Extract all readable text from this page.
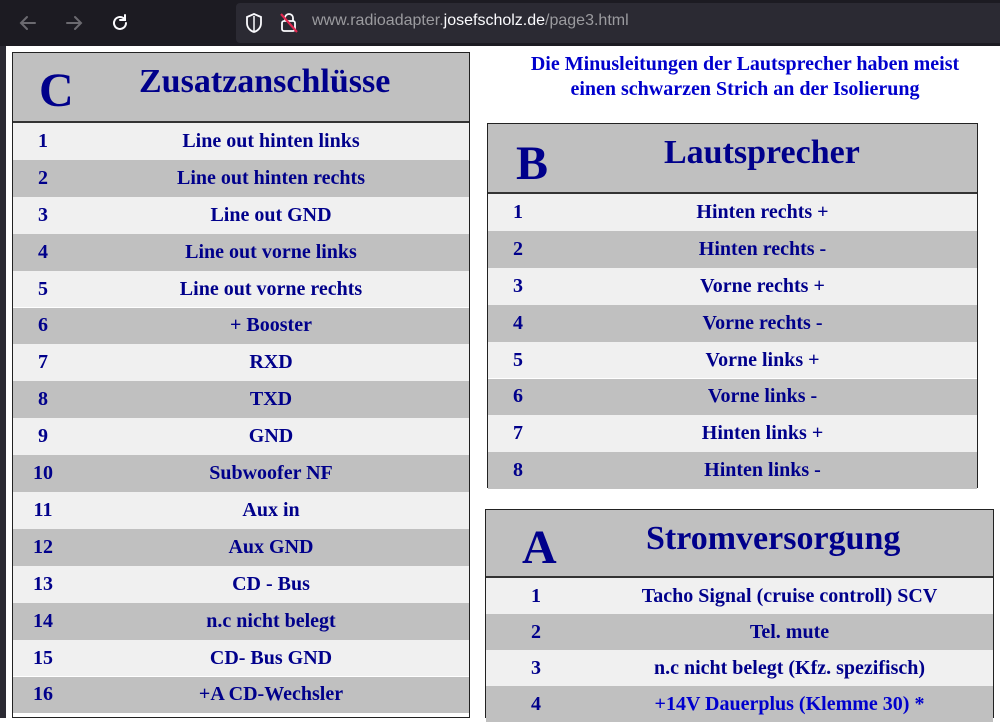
www.radioadapter.josefscholz.de/page3.html
Die Minusleitungen der Lautsprecher haben meist
einen schwarzen Strich an der Isolierung
C Zusatzanschlüsse
1	Line out hinten links
2	Line out hinten rechts
3	Line out GND
4	Line out vorne links
5	Line out vorne rechts
6	+ Booster
7	RXD
8	TXD
9	GND
10	Subwoofer NF
11	Aux in
12	Aux GND
13	CD - Bus
14	n.c nicht belegt
15	CD- Bus GND
16	+A CD-Wechsler
B	Lautsprecher
1	Hinten rechts +
2	Hinten rechts -
3	Vorne rechts +
4	Vorne rechts -
5	Vorne links +
6	Vorne links -
7	Hinten links +
8	Hinten links -
A	Stromversorgung
1	Tacho Signal (cruise controll) SCV
2	Tel. mute
3	n.c nicht belegt (Kfz. spezifisch)
4	+14V Dauerplus (Klemme 30) *
